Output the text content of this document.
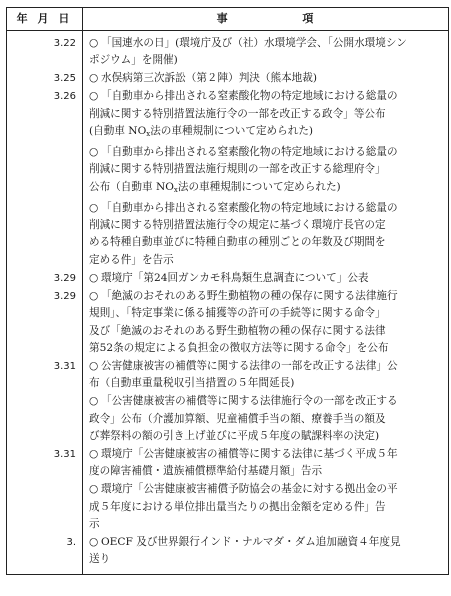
年 月 日	事	項
3.22	○ 「国連水の日」(環境庁及び（社）水環境学会、「公開水環境シン
ポジウム」を開催)
3.25	○ 水俣病第三次訴訟（第２陣）判決（熊本地裁)
3.26	○ 「自動車から排出される窒素酸化物の特定地域における総量の
削減に関する特別措置法施行令の一部を改正する政令」等公布
(自動車 $NO_x$法の車種規制について定められた)
○ 「自動車から排出される窒素酸化物の特定地域における総量の
削減に関する特別措置法施行規則の一部を改正する総理府令」
公布（自動車 $NO_x$法の車種規制について定められた)
○ 「自動車から排出される窒素酸化物の特定地域における総量の
削減に関する特別措置法施行令の規定に基づく環境庁長官の定
める特種自動車並びに特種自動車の種別ごとの年数及び期間を
定める件」を告示
3.29	○ 環境庁「第24回ガンカモ科鳥類生息調査について」公表
3.29	○ 「絶滅のおそれのある野生動植物の種の保存に関する法律施行
規則」、「特定事業に係る捕獲等の許可の手続等に関する命令」
及び「絶滅のおそれのある野生動植物の種の保存に関する法律
第52条の規定による負担金の徴収方法等に関する命令」を公布
3.31	○ 公害健康被害の補償等に関する法律の一部を改正する法律」公
布（自動車重量税収引当措置の５年間延長)
○ 「公害健康被害の補償等に関する法律施行令の一部を改正する
政令」公布（介護加算額、児童補償手当の額、療養手当の額及
び葬祭料の額の引き上げ並びに平成５年度の賦課料率の決定)
3.31	○ 環境庁「公害健康被害の補償等に関する法律に基づく平成５年
度の障害補償・遺族補償標準給付基礎月額」告示
○ 環境庁「公害健康被害補償予防協会の基金に対する拠出金の平
成５年度における単位排出量当たりの拠出金額を定める件」告
示
3.	○ OECF 及び世界銀行インド・ナルマダ・ダム追加融資４年度見
送り
